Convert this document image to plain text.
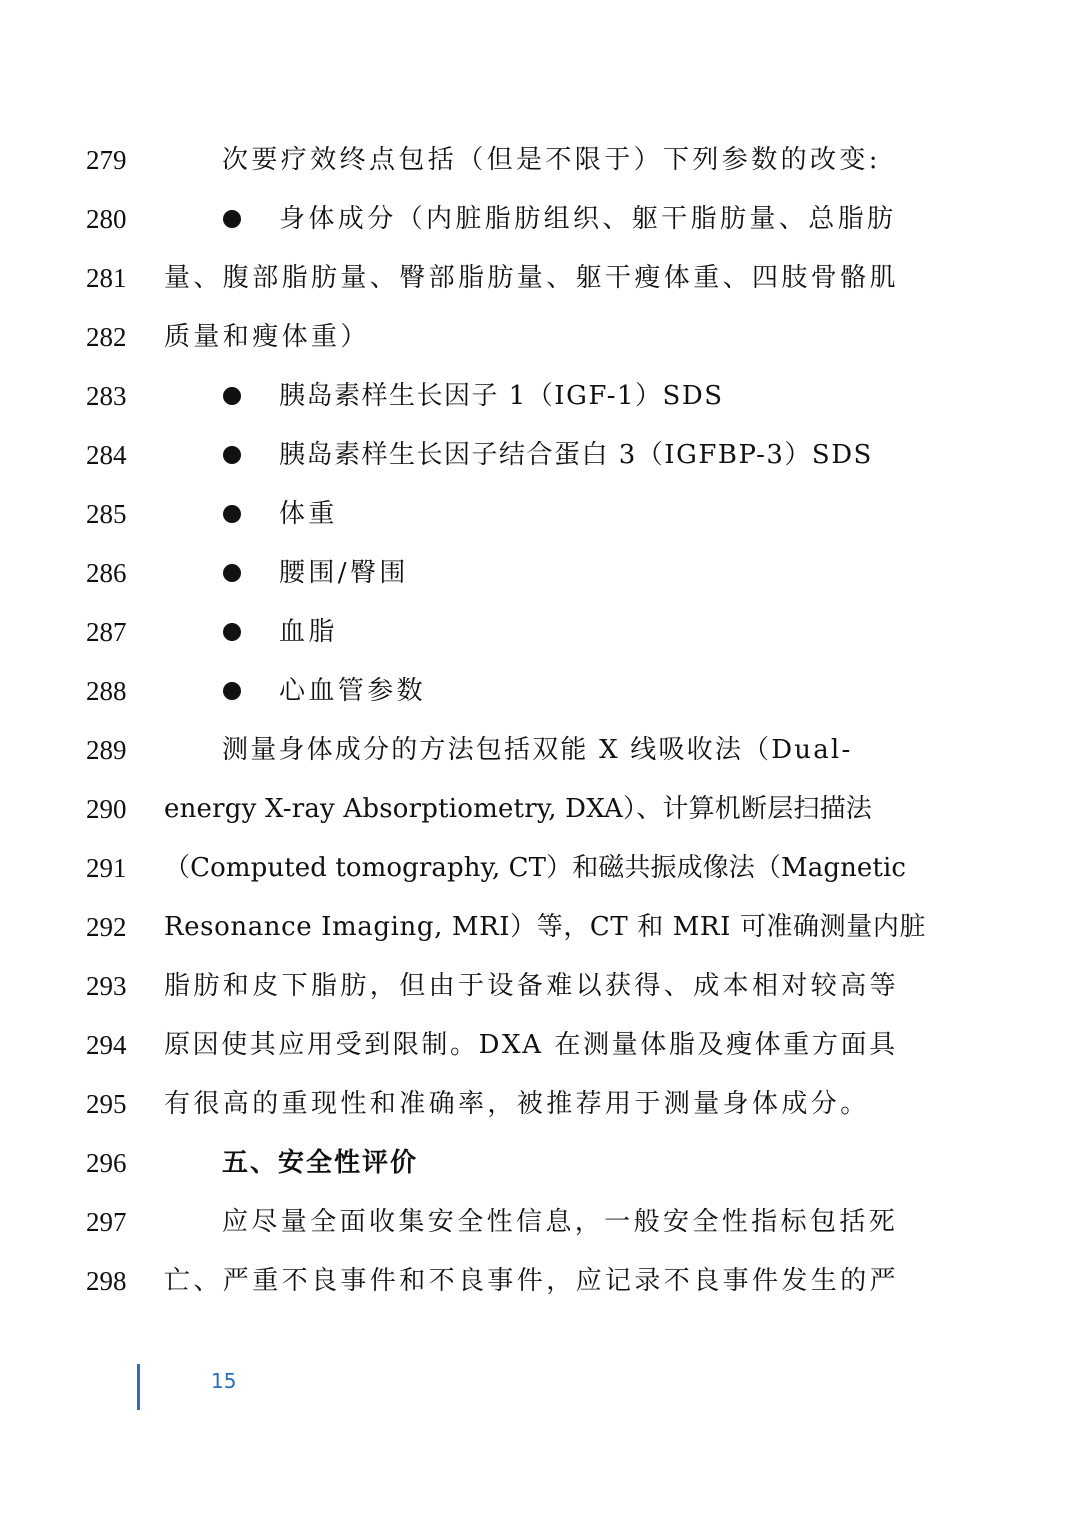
279	次要疗效终点包括（但是不限于）下列参数的改变:
280	身体成分（内脏脂肪组织、躯干脂肪量、总脂肪
281	量、腹部脂肪量、臀部脂肪量、躯干瘦体重、四肢骨骼肌
282	质量和瘦体重）
283	胰岛素样生长因子 1（IGF-1）SDS
284	胰岛素样生长因子结合蛋白 3（IGFBP-3）SDS
285	体重
286	腰围/臀围
287	血脂
288	心血管参数
289	测量身体成分的方法包括双能 X 线吸收法（Dual-
290	energy X-ray Absorptiometry, DXA）、计算机断层扫描法
291	（Computed tomography, CT）和磁共振成像法（Magnetic
292	Resonance Imaging, MRI）等，CT 和 MRI 可准确测量内脏
293	脂肪和皮下脂肪，但由于设备难以获得、成本相对较高等
294	原因使其应用受到限制。DXA 在测量体脂及瘦体重方面具
295	有很高的重现性和准确率，被推荐用于测量身体成分。
296	五、安全性评价
297	应尽量全面收集安全性信息，一般安全性指标包括死
298	亡、严重不良事件和不良事件，应记录不良事件发生的严
15
